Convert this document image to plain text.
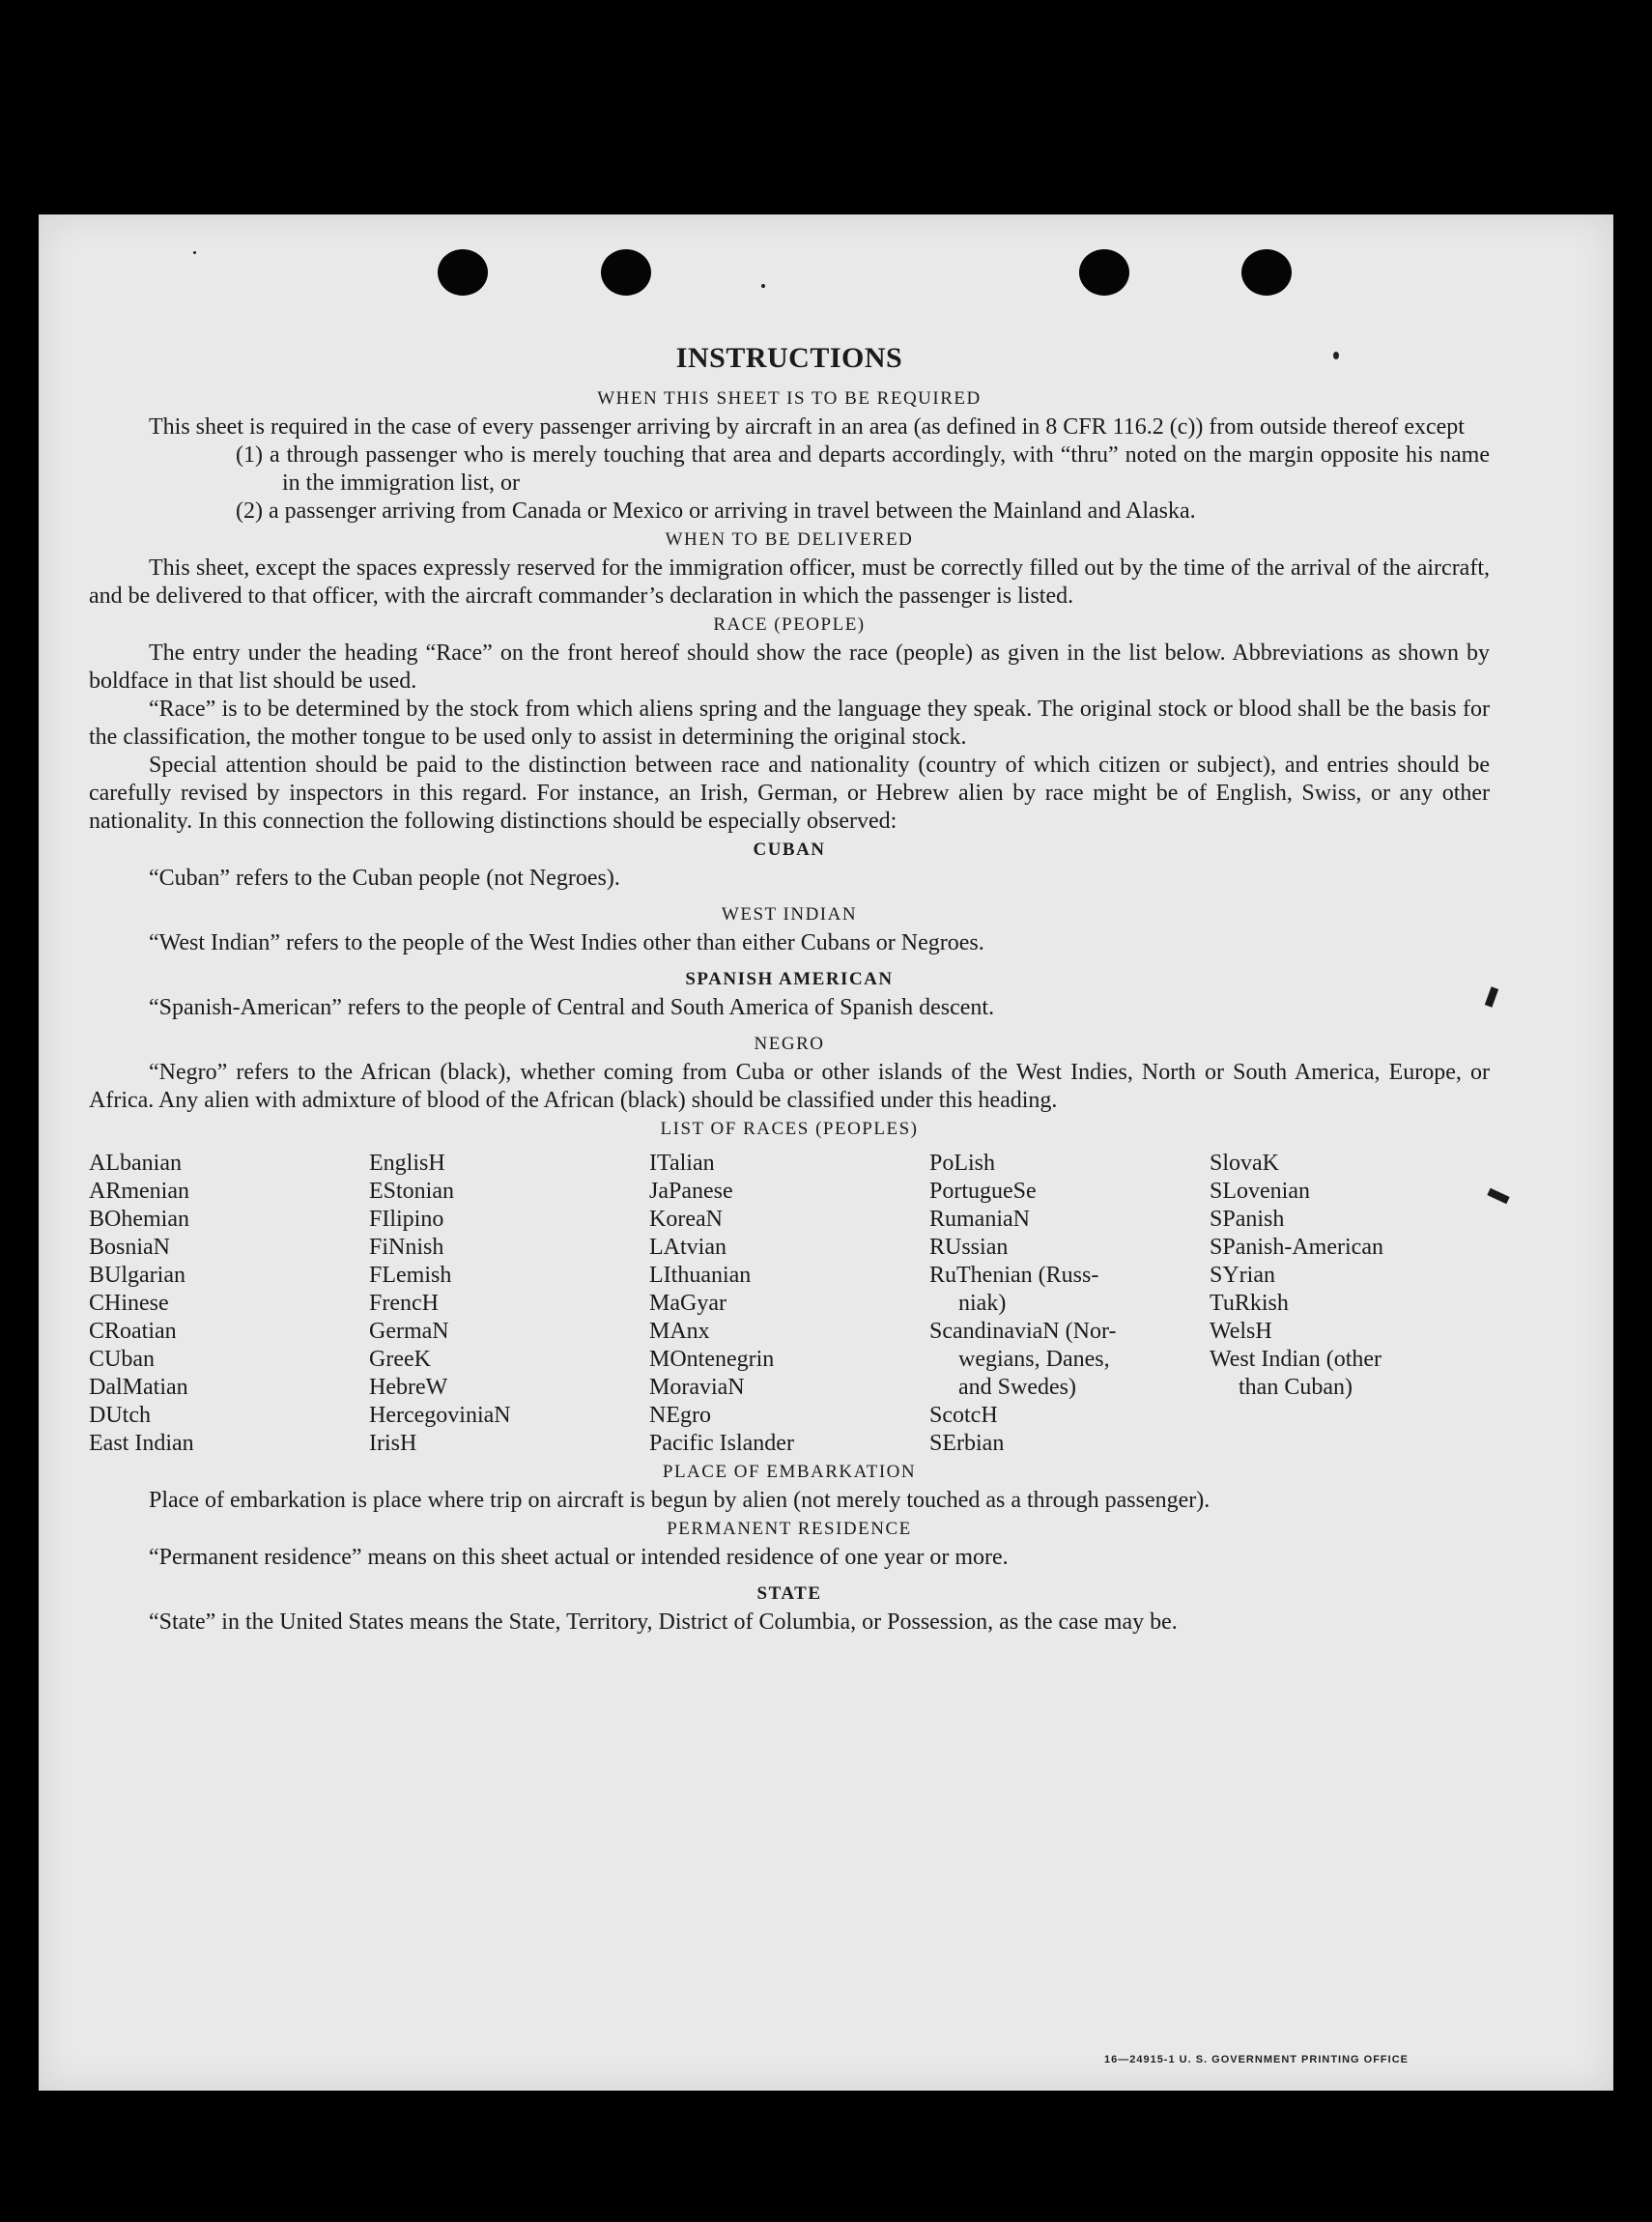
INSTRUCTIONS
WHEN THIS SHEET IS TO BE REQUIRED

This sheet is required in the case of every passenger arriving by aircraft in an area (as defined in 8 CFR 116.2 (c)) from outside thereof except

(1) a through passenger who is merely touching that area and departs accordingly, with “thru” noted on the margin opposite his name in the immigration list, or

(2) a passenger arriving from Canada or Mexico or arriving in travel between the Mainland and Alaska.

WHEN TO BE DELIVERED

This sheet, except the spaces expressly reserved for the immigration officer, must be correctly filled out by the time of the arrival of the aircraft, and be delivered to that officer, with the aircraft commander’s declaration in which the passenger is listed.

RACE (PEOPLE)

The entry under the heading “Race” on the front hereof should show the race (people) as given in the list below. Abbreviations as shown by boldface in that list should be used.

“Race” is to be determined by the stock from which aliens spring and the language they speak. The original stock or blood shall be the basis for the classification, the mother tongue to be used only to assist in determining the original stock.

Special attention should be paid to the distinction between race and nationality (country of which citizen or subject), and entries should be carefully revised by inspectors in this regard. For instance, an Irish, German, or Hebrew alien by race might be of English, Swiss, or any other nationality. In this connection the following distinctions should be especially observed:

CUBAN

“Cuban” refers to the Cuban people (not Negroes).

WEST INDIAN

“West Indian” refers to the people of the West Indies other than either Cubans or Negroes.

SPANISH AMERICAN

“Spanish-American” refers to the people of Central and South America of Spanish descent.

NEGRO

“Negro” refers to the African (black), whether coming from Cuba or other islands of the West Indies, North or South America, Europe, or Africa. Any alien with admixture of blood of the African (black) should be classified under this heading.

LIST OF RACES (PEOPLES)
ALbanian
ARmenian
BOhemian
BosniaN
BUlgarian
CHinese
CRoatian
CUban
DalMatian
DUtch
East Indian
EnglisH
EStonian
FIlipino
FiNnish
FLemish
FrencH
GermaN
GreeK
HebreW
HercegoviniaN
IrisH
ITalian
JaPanese
KoreaN
LAtvian
LIthuanian
MaGyar
MAnx
MOntenegrin
MoraviaN
NEgro
Pacific Islander
PoLish
PortugueSe
RumaniaN
RUssian
RuThenian (Russ-
niak)
ScandinaviaN (Nor-
wegians, Danes,
and Swedes)
ScotcH
SErbian
SlovaK
SLovenian
SPanish
SPanish-American
SYrian
TuRkish
WelsH
West Indian (other
than Cuban)
PLACE OF EMBARKATION

Place of embarkation is place where trip on aircraft is begun by alien (not merely touched as a through passenger).

PERMANENT RESIDENCE

“Permanent residence” means on this sheet actual or intended residence of one year or more.

STATE

“State” in the United States means the State, Territory, District of Columbia, or Possession, as the case may be.

16—24915-1 U. S. GOVERNMENT PRINTING OFFICE
